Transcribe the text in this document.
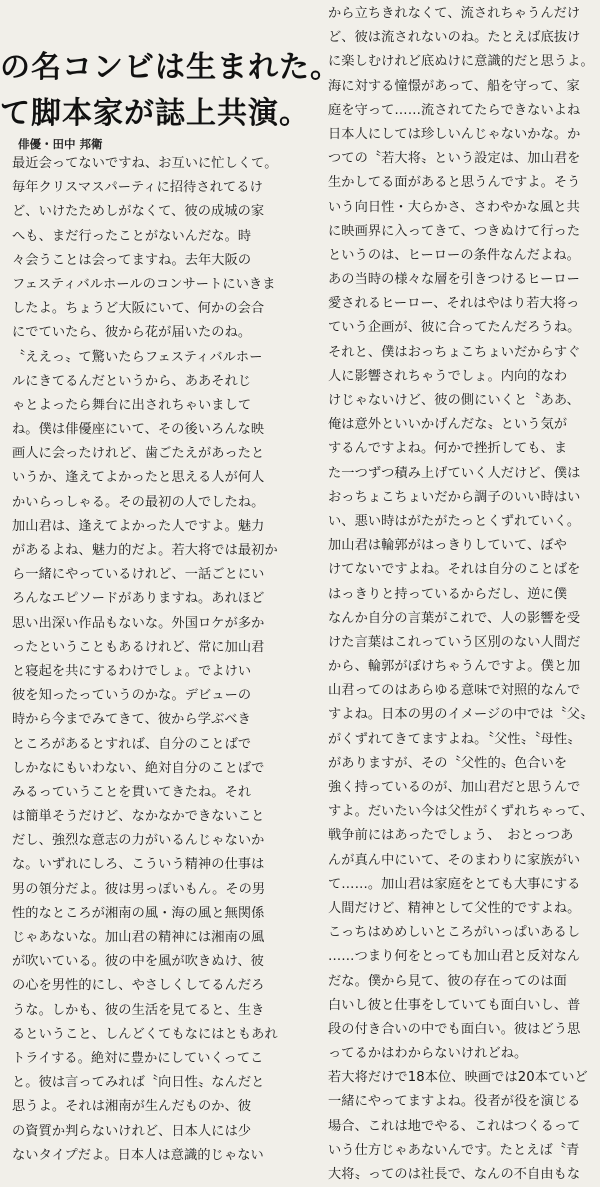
の名コンビは生まれた。
て脚本家が誌上共演。
俳優・田中 邦衛
最近会ってないですね、お互いに忙しくて。
毎年クリスマスパーティに招待されてるけ
ど、いけたためしがなくて、彼の成城の家
へも、まだ行ったことがないんだな。時
々会うことは会ってますね。去年大阪の
フェスティバルホールのコンサートにいきま
したよ。ちょうど大阪にいて、何かの会合
にでていたら、彼から花が届いたのね。
〝ええっ〟て驚いたらフェスティバルホー
ルにきてるんだというから、ああそれじ
ゃとよったら舞台に出されちゃいまして
ね。僕は俳優座にいて、その後いろんな映
画人に会ったけれど、歯ごたえがあったと
いうか、逢えてよかったと思える人が何人
かいらっしゃる。その最初の人でしたね。
加山君は、逢えてよかった人ですよ。魅力
があるよね、魅力的だよ。若大将では最初か
ら一緒にやっているけれど、一話ごとにい
ろんなエピソードがありますね。あれほど
思い出深い作品もないな。外国ロケが多か
ったということもあるけれど、常に加山君
と寝起を共にするわけでしょ。でよけい
彼を知ったっていうのかな。デビューの
時から今までみてきて、彼から学ぶべき
ところがあるとすれば、自分のことばで
しかなにもいわない、絶対自分のことばで
みるっていうことを貫いてきたね。それ
は簡単そうだけど、なかなかできないこと
だし、強烈な意志の力がいるんじゃないか
な。いずれにしろ、こういう精神の仕事は
男の領分だよ。彼は男っぽいもん。その男
性的なところが湘南の風・海の風と無関係
じゃあないな。加山君の精神には湘南の風
が吹いている。彼の中を風が吹きぬけ、彼
の心を男性的にし、やさしくしてるんだろ
うな。しかも、彼の生活を見てると、生き
るということ、しんどくてもなにはともあれ
トライする。絶対に豊かにしていくってこ
と。彼は言ってみれば〝向日性〟なんだと
思うよ。それは湘南が生んだものか、彼
の資質か判らないけれど、日本人には少
ないタイプだよ。日本人は意識的じゃない
から立ちきれなくて、流されちゃうんだけ
ど、彼は流されないのね。たとえば底抜け
に楽しむけれど底ぬけに意識的だと思うよ。
海に対する憧憬があって、船を守って、家
庭を守って……流されてたらできないよね
日本人にしては珍しいんじゃないかな。か
つての〝若大将〟という設定は、加山君を
生かしてる面があると思うんですよ。そう
いう向日性・大らかさ、さわやかな風と共
に映画界に入ってきて、つきぬけて行った
というのは、ヒーローの条件なんだよね。
あの当時の様々な層を引きつけるヒーロー
愛されるヒーロー、それはやはり若大将っ
ていう企画が、彼に合ってたんだろうね。
それと、僕はおっちょこちょいだからすぐ
人に影響されちゃうでしょ。内向的なわ
けじゃないけど、彼の側にいくと〝ああ、
俺は意外といいかげんだな〟という気が
するんですよね。何かで挫折しても、ま
た一つずつ積み上げていく人だけど、僕は
おっちょこちょいだから調子のいい時はい
い、悪い時はがたがたっとくずれていく。
加山君は輪郭がはっきりしていて、ぼや
けてないですよね。それは自分のことばを
はっきりと持っているからだし、逆に僕
なんか自分の言葉がこれで、人の影響を受
けた言葉はこれっていう区別のない人間だ
から、輪郭がぼけちゃうんですよ。僕と加
山君ってのはあらゆる意味で対照的なんで
すよね。日本の男のイメージの中では〝父〟
がくずれてきてますよね。〝父性〟〝母性〟
がありますが、その〝父性的〟色合いを
強く持っているのが、加山君だと思うんで
すよ。だいたい今は父性がくずれちゃって、
戦争前にはあったでしょう、　おとっつあ
んが真ん中にいて、そのまわりに家族がい
て……。加山君は家庭をとても大事にする
人間だけど、精神として父性的ですよね。
こっちはめめしいところがいっぱいあるし
……つまり何をとっても加山君と反対なん
だな。僕から見て、彼の存在ってのは面
白いし彼と仕事をしていても面白いし、普
段の付き合いの中でも面白い。彼はどう思
ってるかはわからないけれどね。
若大将だけで18本位、映画では20本ていど
一緒にやってますよね。役者が役を演じる
場合、これは地でやる、これはつくるって
いう仕方じゃあないんです。たとえば〝青
大将〟ってのは社長で、なんの不自由もな
